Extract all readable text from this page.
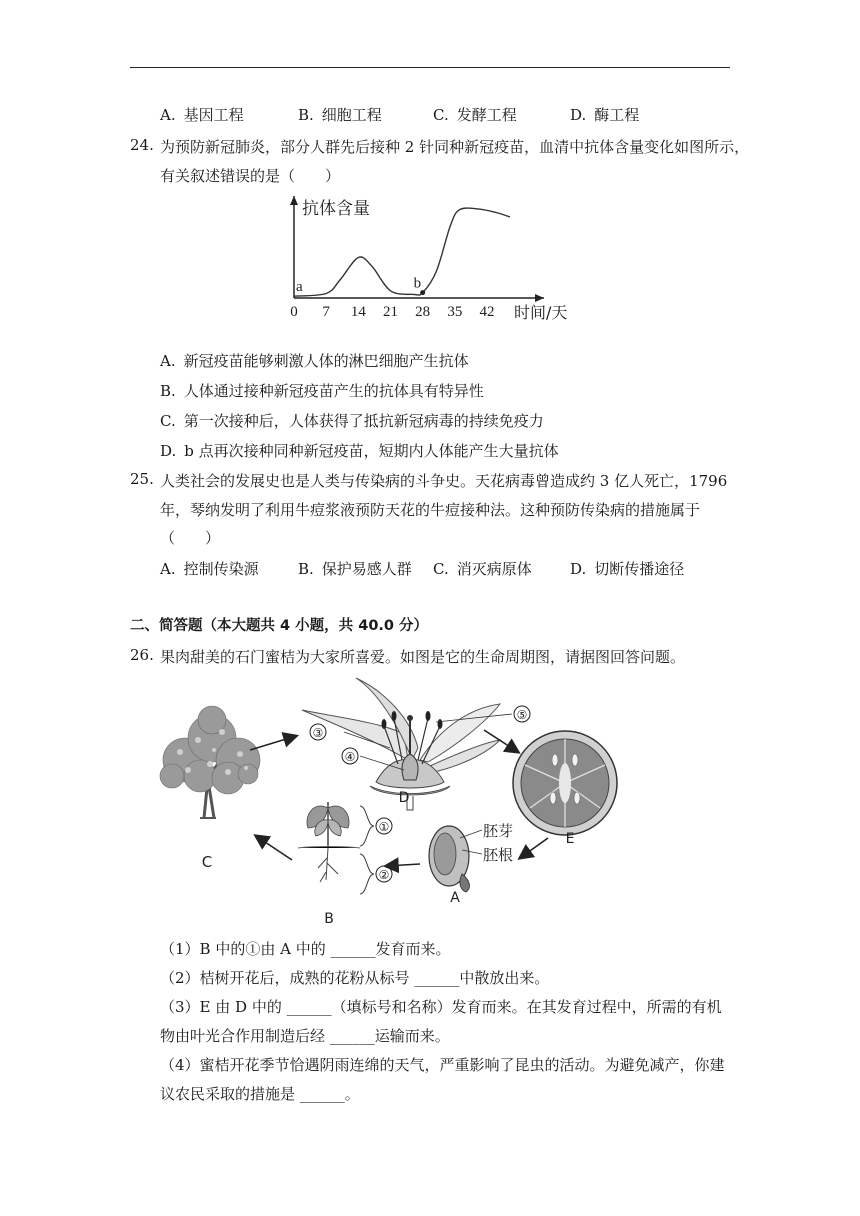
A. 基因工程	B. 细胞工程	C. 发酵工程	D. 酶工程
24. 为预防新冠肺炎，部分人群先后接种 2 针同种新冠疫苗，血清中抗体含量变化如图所示，
有关叙述错误的是（　　）
抗体含量
时间/天
0 7 14 21 28 35 42
a	b
A. 新冠疫苗能够刺激人体的淋巴细胞产生抗体
B. 人体通过接种新冠疫苗产生的抗体具有特异性
C. 第一次接种后，人体获得了抵抗新冠病毒的持续免疫力
D. b 点再次接种同种新冠疫苗，短期内人体能产生大量抗体
25. 人类社会的发展史也是人类与传染病的斗争史。天花病毒曾造成约 3 亿人死亡，1796
年，琴纳发明了利用牛痘浆液预防天花的牛痘接种法。这种预防传染病的措施属于
（　　）
A. 控制传染源	B. 保护易感人群 C. 消灭病原体	D. 切断传播途径
二、简答题（本大题共 4 小题，共 40.0 分）
26. 果肉甜美的石门蜜桔为大家所喜爱。如图是它的生命周期图，请据图回答问题。
C
③
④
⑤
D
E
胚芽
胚根
A
①
②
B
（1）B 中的①由 A 中的 ______发育而来。
（2）桔树开花后，成熟的花粉从标号 ______中散放出来。
（3）E 由 D 中的 ______（填标号和名称）发育而来。在其发育过程中，所需的有机
物由叶光合作用制造后经 ______运输而来。
（4）蜜桔开花季节恰遇阴雨连绵的天气，严重影响了昆虫的活动。为避免减产，你建
议农民采取的措施是 ______。
